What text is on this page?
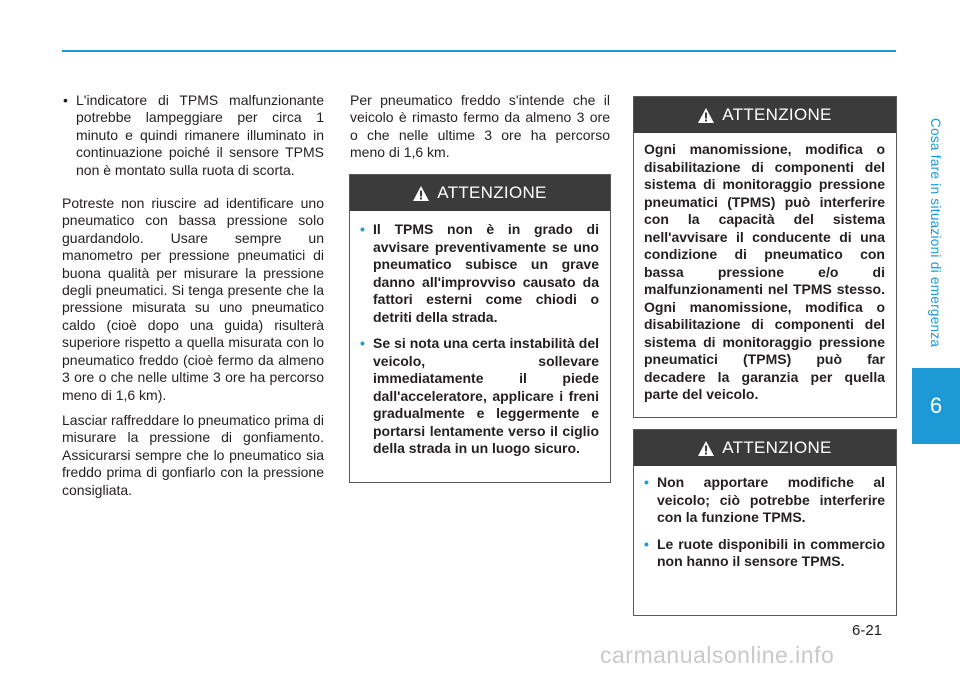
Cosa fare in situazioni di emergenza
6
• L'indicatore di TPMS malfunzionante potrebbe lampeggiare per circa 1 minuto e quindi rimanere illuminato in continuazione poiché il sensore TPMS non è montato sulla ruota di scorta.

Potreste non riuscire ad identificare uno pneumatico con bassa pressione solo guardandolo. Usare sempre un manometro per pressione pneumatici di buona qualità per misurare la pressione degli pneumatici. Si tenga presente che la pressione misurata su uno pneumatico caldo (cioè dopo una guida) risulterà superiore rispetto a quella misurata con lo pneumatico freddo (cioè fermo da almeno 3 ore o che nelle ultime 3 ore ha percorso meno di 1,6 km).

Lasciar raffreddare lo pneumatico prima di misurare la pressione di gonfiamento. Assicurarsi sempre che lo pneumatico sia freddo prima di gonfiarlo con la pressione consigliata.

Per pneumatico freddo s'intende che il veicolo è rimasto fermo da almeno 3 ore o che nelle ultime 3 ore ha percorso meno di 1,6 km.
ATTENZIONE
• Il TPMS non è in grado di avvisare preventivamente se uno pneumatico subisce un grave danno all'improvviso causato da fattori esterni come chiodi o detriti della strada.
• Se si nota una certa instabilità del veicolo, sollevare immediatamente il piede dall'acceleratore, applicare i freni gradualmente e leggermente e portarsi lentamente verso il ciglio della strada in un luogo sicuro.
ATTENZIONE

Ogni manomissione, modifica o disabilitazione di componenti del sistema di monitoraggio pressione pneumatici (TPMS) può interferire con la capacità del sistema nell'avvisare il conducente di una condizione di pneumatico con bassa pressione e/o di malfunzionamenti nel TPMS stesso. Ogni manomissione, modifica o disabilitazione di componenti del sistema di monitoraggio pressione pneumatici (TPMS) può far decadere la garanzia per quella parte del veicolo.

ATTENZIONE
• Non apportare modifiche al veicolo; ciò potrebbe interferire con la funzione TPMS.
• Le ruote disponibili in commercio non hanno il sensore TPMS.
6-21
carmanualsonline.info
